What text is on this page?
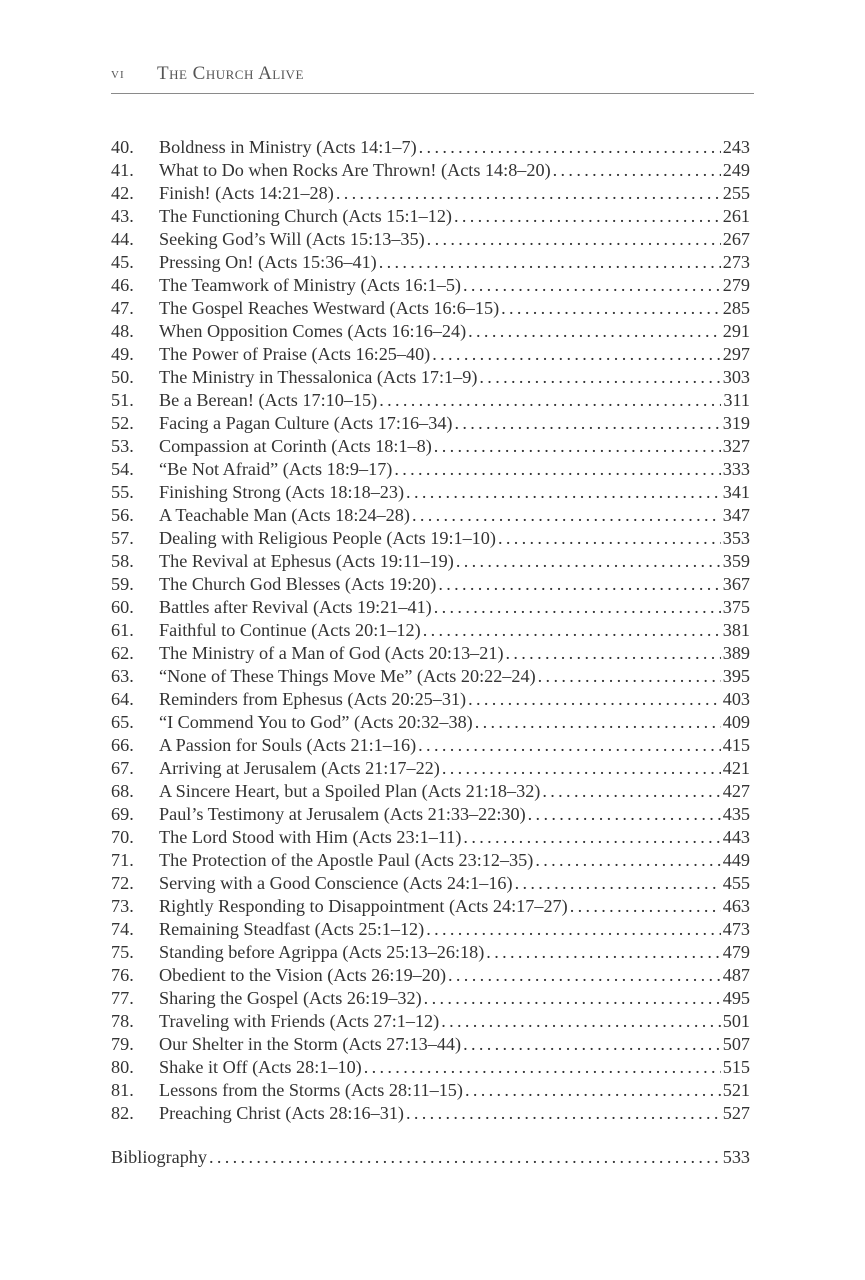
vi The Church Alive
40.	Boldness in Ministry (Acts 14:1–7) . . .	243
41.	What to Do when Rocks Are Thrown! (Acts 14:8–20) . . .	249
42.	Finish! (Acts 14:21–28) . . .	255
43.	The Functioning Church (Acts 15:1–12) . . .	261
44.	Seeking God’s Will (Acts 15:13–35) . . .	267
45.	Pressing On! (Acts 15:36–41) . . .	273
46.	The Teamwork of Ministry (Acts 16:1–5) . . .	279
47.	The Gospel Reaches Westward (Acts 16:6–15) . . .	285
48.	When Opposition Comes (Acts 16:16–24) . . .	291
49.	The Power of Praise (Acts 16:25–40) . . .	297
50.	The Ministry in Thessalonica (Acts 17:1–9) . . .	303
51.	Be a Berean! (Acts 17:10–15) . . .	311
52.	Facing a Pagan Culture (Acts 17:16–34) . . .	319
53.	Compassion at Corinth (Acts 18:1–8) . . .	327
54.	“Be Not Afraid” (Acts 18:9–17) . . .	333
55.	Finishing Strong (Acts 18:18–23) . . .	341
56.	A Teachable Man (Acts 18:24–28) . . .	347
57.	Dealing with Religious People (Acts 19:1–10) . . .	353
58.	The Revival at Ephesus (Acts 19:11–19) . . .	359
59.	The Church God Blesses (Acts 19:20) . . .	367
60.	Battles after Revival (Acts 19:21–41) . . .	375
61.	Faithful to Continue (Acts 20:1–12) . . .	381
62.	The Ministry of a Man of God (Acts 20:13–21) . . .	389
63.	“None of These Things Move Me” (Acts 20:22–24) . . .	395
64.	Reminders from Ephesus (Acts 20:25–31) . . .	403
65.	“I Commend You to God” (Acts 20:32–38) . . .	409
66.	A Passion for Souls (Acts 21:1–16) . . .	415
67.	Arriving at Jerusalem (Acts 21:17–22) . . .	421
68.	A Sincere Heart, but a Spoiled Plan (Acts 21:18–32) . . .	427
69.	Paul’s Testimony at Jerusalem (Acts 21:33–22:30) . . .	435
70.	The Lord Stood with Him (Acts 23:1–11) . . .	443
71.	The Protection of the Apostle Paul (Acts 23:12–35) . . .	449
72.	Serving with a Good Conscience (Acts 24:1–16) . . .	455
73.	Rightly Responding to Disappointment (Acts 24:17–27) . . .	463
74.	Remaining Steadfast (Acts 25:1–12) . . .	473
75.	Standing before Agrippa (Acts 25:13–26:18) . . .	479
76.	Obedient to the Vision (Acts 26:19–20) . . .	487
77.	Sharing the Gospel (Acts 26:19–32) . . .	495
78.	Traveling with Friends (Acts 27:1–12) . . .	501
79.	Our Shelter in the Storm (Acts 27:13–44) . . .	507
80.	Shake it Off (Acts 28:1–10) . . .	515
81.	Lessons from the Storms (Acts 28:11–15) . . .	521
82.	Preaching Christ (Acts 28:16–31) . . .	527
Bibliography . . .	533
